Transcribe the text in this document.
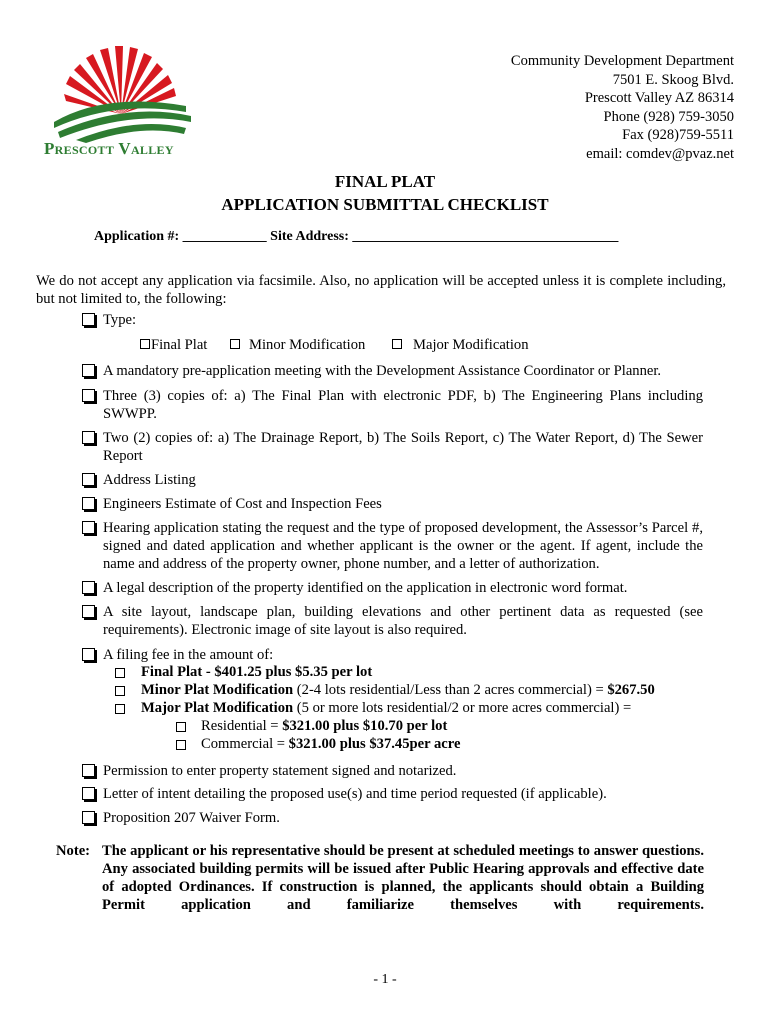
Prescott Valley
Community Development Department
7501 E. Skoog Blvd.
Prescott Valley AZ 86314
Phone (928) 759-3050
Fax (928)759-5511
email: comdev@pvaz.net
FINAL PLAT
APPLICATION SUBMITTAL CHECKLIST
Application #: ____________ Site Address: ______________________________________
We do not accept any application via facsimile. Also, no application will be accepted unless it is complete including, but not limited to, the following:
Type:
Final Plat	Minor Modification	Major Modification
A mandatory pre-application meeting with the Development Assistance Coordinator or Planner.
Three (3) copies of: a) The Final Plan with electronic PDF, b) The Engineering Plans including SWWPP.
Two (2) copies of: a) The Drainage Report, b) The Soils Report, c) The Water Report, d) The Sewer Report
Address Listing
Engineers Estimate of Cost and Inspection Fees
Hearing application stating the request and the type of proposed development, the Assessor’s Parcel #, signed and dated application and whether applicant is the owner or the agent. If agent, include the name and address of the property owner, phone number, and a letter of authorization.
A legal description of the property identified on the application in electronic word format.
A site layout, landscape plan, building elevations and other pertinent data as requested (see requirements). Electronic image of site layout is also required.
A filing fee in the amount of:
Final Plat - $401.25 plus $5.35 per lot
Minor Plat Modification (2-4 lots residential/Less than 2 acres commercial) = $267.50
Major Plat Modification (5 or more lots residential/2 or more acres commercial) =
Residential = $321.00 plus $10.70 per lot
Commercial = $321.00 plus $37.45per acre
Permission to enter property statement signed and notarized.
Letter of intent detailing the proposed use(s) and time period requested (if applicable).
Proposition 207 Waiver Form.
Note: The applicant or his representative should be present at scheduled meetings to answer questions. Any associated building permits will be issued after Public Hearing approvals and effective date of adopted Ordinances. If construction is planned, the applicants should obtain a Building Permit application and familiarize themselves with requirements.
- 1 -
